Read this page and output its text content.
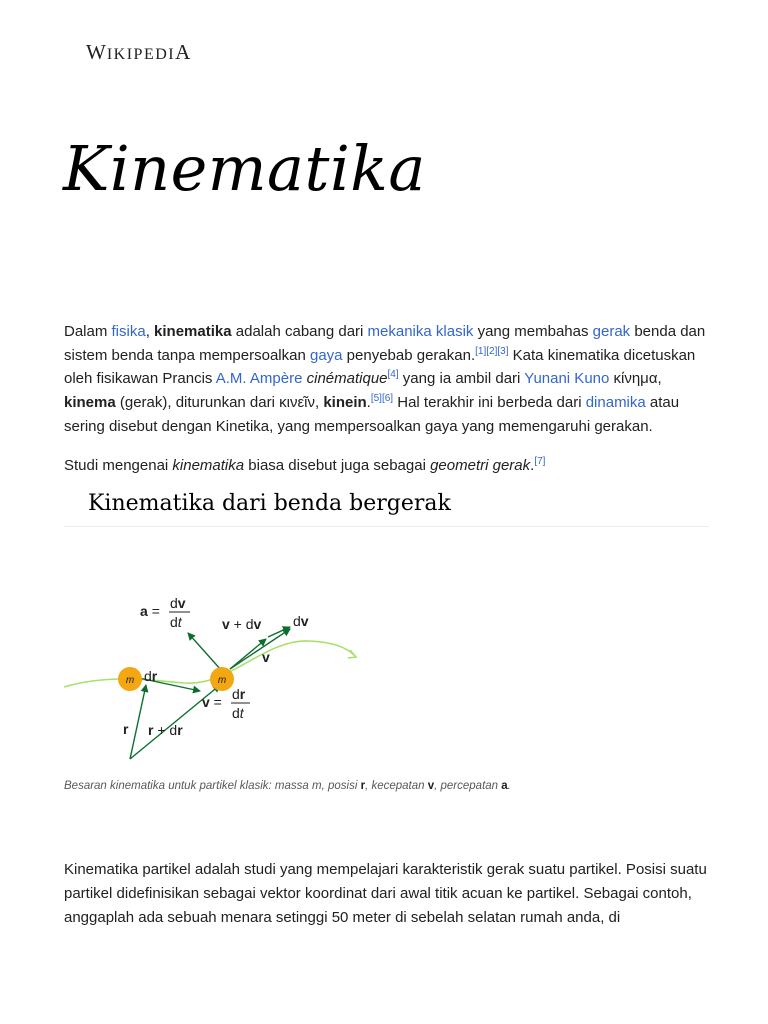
WIKIPEDIA
Kinematika

Dalam fisika, kinematika adalah cabang dari mekanika klasik yang membahas gerak benda dan sistem benda tanpa mempersoalkan gaya penyebab gerakan.[1][2][3] Kata kinematika dicetuskan oleh fisikawan Prancis A.M. Ampère cinématique[4] yang ia ambil dari Yunani Kuno κίνημα, kinema (gerak), diturunkan dari κινεῖν, kinein.[5][6] Hal terakhir ini berbeda dari dinamika atau sering disebut dengan Kinetika, yang mempersoalkan gaya yang memengaruhi gerakan.

Studi mengenai kinematika biasa disebut juga sebagai geometri gerak.[7]

Kinematika dari benda bergerak
m	m
a = dv
dt	v + dv dv
v
dr
v = dr
dt
r r + dr
Besaran kinematika untuk partikel klasik: massa m, posisi r, kecepatan v, percepatan a.

Kinematika partikel adalah studi yang mempelajari karakteristik gerak suatu partikel. Posisi suatu partikel didefinisikan sebagai vektor koordinat dari awal titik acuan ke partikel. Sebagai contoh, anggaplah ada sebuah menara setinggi 50 meter di sebelah selatan rumah anda, di
